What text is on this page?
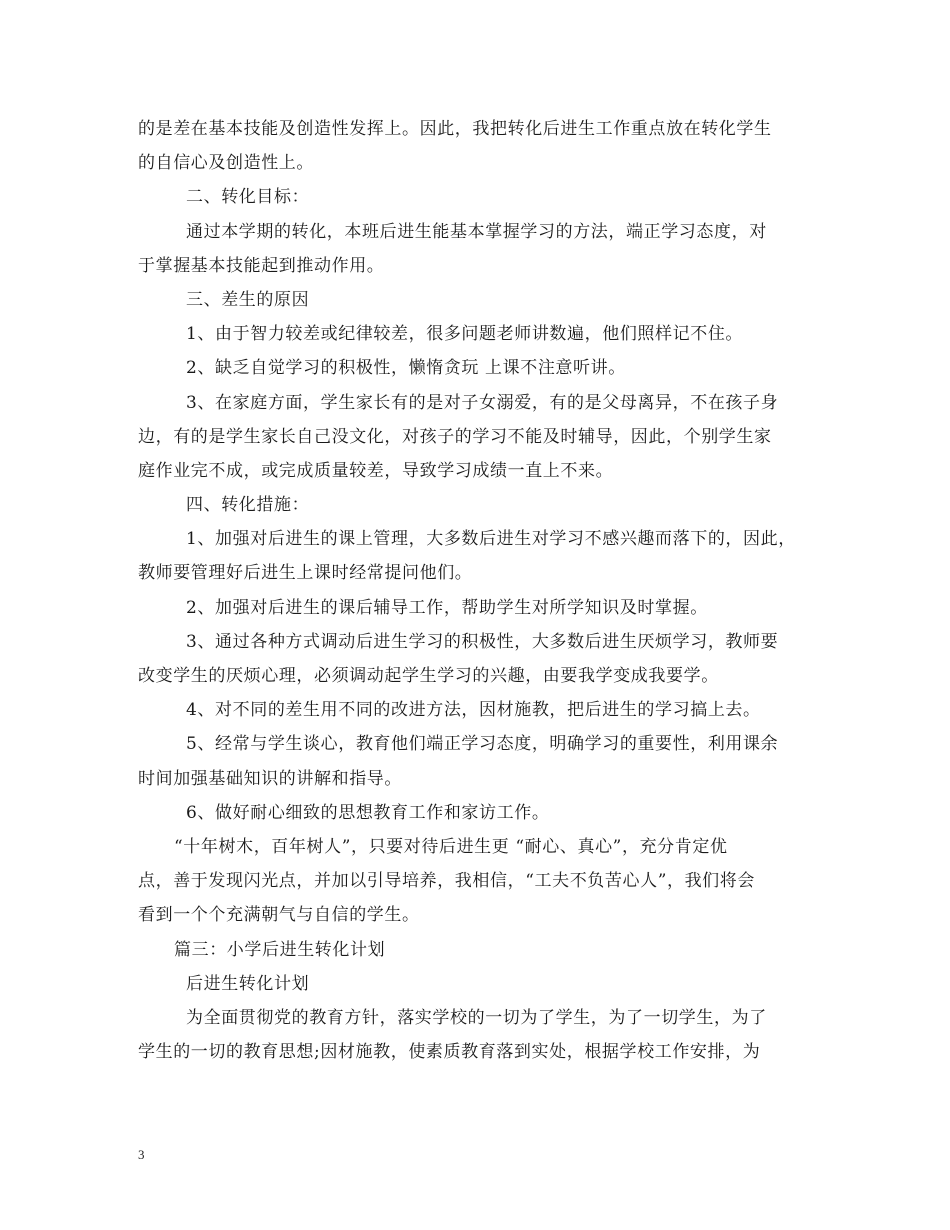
的是差在基本技能及创造性发挥上。因此，我把转化后进生工作重点放在转化学生
的自信心及创造性上。
二、转化目标：
通过本学期的转化，本班后进生能基本掌握学习的方法，端正学习态度，对
于掌握基本技能起到推动作用。
三、差生的原因
1、由于智力较差或纪律较差，很多问题老师讲数遍，他们照样记不住。
2、缺乏自觉学习的积极性，懒惰贪玩 上课不注意听讲。
3、在家庭方面，学生家长有的是对子女溺爱，有的是父母离异，不在孩子身
边，有的是学生家长自己没文化，对孩子的学习不能及时辅导，因此，个别学生家
庭作业完不成，或完成质量较差，导致学习成绩一直上不来。
四、转化措施：
1、加强对后进生的课上管理，大多数后进生对学习不感兴趣而落下的，因此，
教师要管理好后进生上课时经常提问他们。
2、加强对后进生的课后辅导工作，帮助学生对所学知识及时掌握。
3、通过各种方式调动后进生学习的积极性，大多数后进生厌烦学习，教师要
改变学生的厌烦心理，必须调动起学生学习的兴趣，由要我学变成我要学。
4、对不同的差生用不同的改进方法，因材施教，把后进生的学习搞上去。
5、经常与学生谈心，教育他们端正学习态度，明确学习的重要性，利用课余
时间加强基础知识的讲解和指导。
6、做好耐心细致的思想教育工作和家访工作。
“十年树木，百年树人”，只要对待后进生更 “耐心、真心”，充分肯定优
点，善于发现闪光点，并加以引导培养，我相信，“工夫不负苦心人”，我们将会
看到一个个充满朝气与自信的学生。
篇三：小学后进生转化计划
后进生转化计划
为全面贯彻党的教育方针，落实学校的一切为了学生，为了一切学生，为了
学生的一切的教育思想;因材施教，使素质教育落到实处，根据学校工作安排，为
3
